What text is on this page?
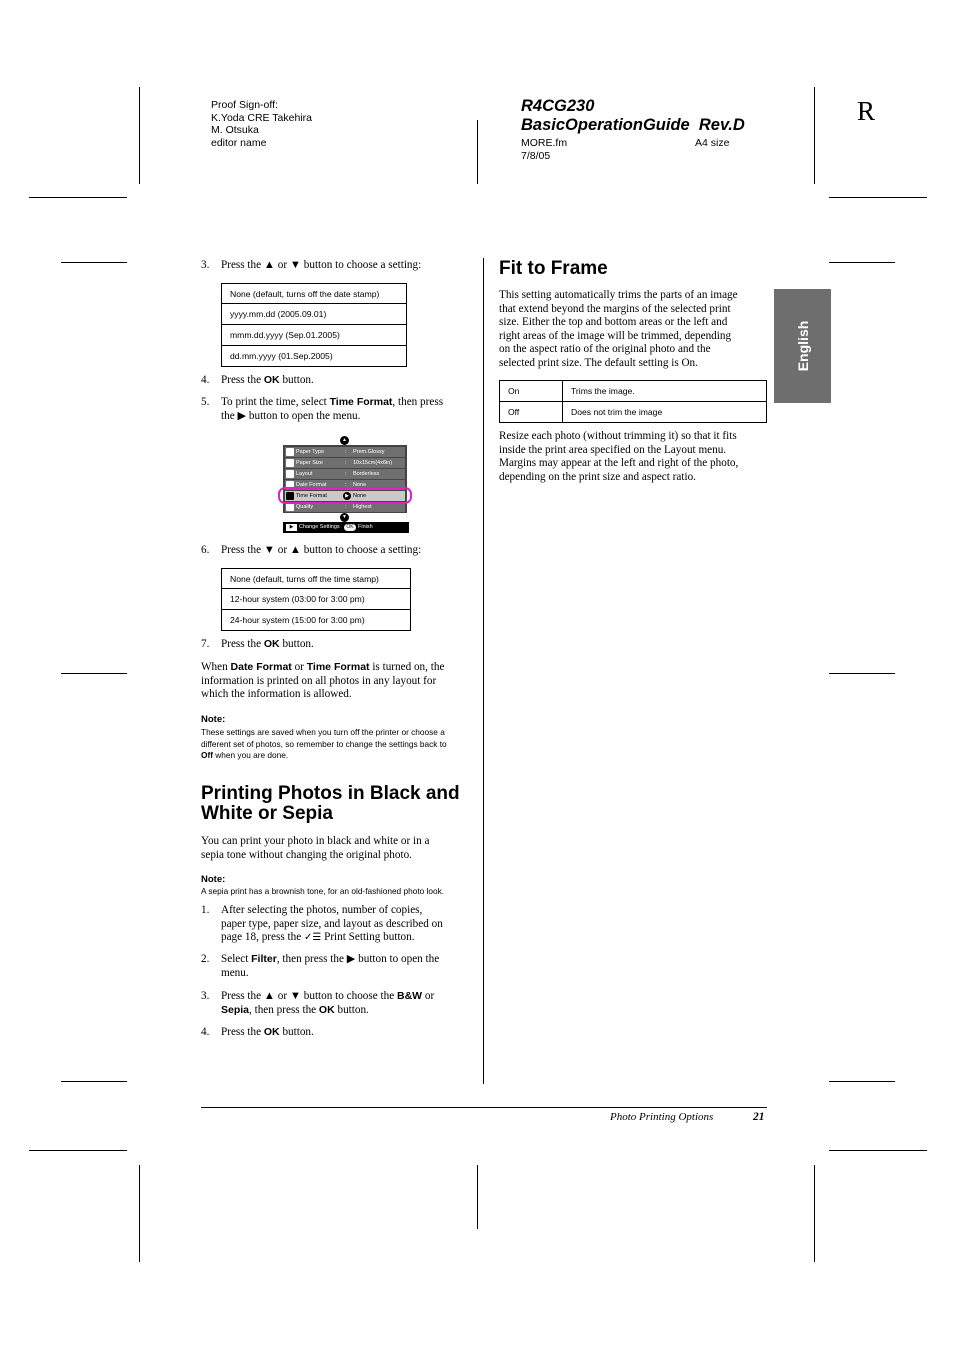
Proof Sign-off:
K.Yoda CRE Takehira
M. Otsuka
editor name
R4CG230
BasicOperationGuide Rev.D
MORE.fm
7/8/05
A4 size
R
English
3. Press the ▲ or ▼ button to choose a setting:
None (default, turns off the date stamp)
yyyy.mm.dd (2005.09.01)
mmm.dd.yyyy (Sep.01.2005)
dd.mm.yyyy (01.Sep.2005)
4. Press the OK button.
5. To print the time, select Time Format, then press
the ▶ button to open the menu.
▲
Paper Type	: Prem.Glossy
Paper Size	: 10x15cm(4x6in)
Layout	: Borderless
Date Format	: None
Time Format	▶ None
Quality	: Highest
▼
▶	Change Settings	OK Finish
6. Press the ▼ or ▲ button to choose a setting:
None (default, turns off the time stamp)
12-hour system (03:00 for 3:00 pm)
24-hour system (15:00 for 3:00 pm)
7. Press the OK button.
When Date Format or Time Format is turned on, the
information is printed on all photos in any layout for
which the information is allowed.
Note:
These settings are saved when you turn off the printer or choose a
different set of photos, so remember to change the settings back to
Off when you are done.
Printing Photos in Black and
White or Sepia
You can print your photo in black and white or in a
sepia tone without changing the original photo.
Note:
A sepia print has a brownish tone, for an old-fashioned photo look.
1. After selecting the photos, number of copies,
paper type, paper size, and layout as described on
page 18, press the ✓☰ Print Setting button.
2. Select Filter, then press the ▶ button to open the
menu.
3. Press the ▲ or ▼ button to choose the B&W or
Sepia, then press the OK button.
4. Press the OK button.
Fit to Frame
This setting automatically trims the parts of an image
that extend beyond the margins of the selected print
size. Either the top and bottom areas or the left and
right areas of the image will be trimmed, depending
on the aspect ratio of the original photo and the
selected print size. The default setting is On.
On	Trims the image.
Off	Does not trim the image
Resize each photo (without trimming it) so that it fits
inside the print area specified on the Layout menu.
Margins may appear at the left and right of the photo,
depending on the print size and aspect ratio.
Photo Printing Options	21
